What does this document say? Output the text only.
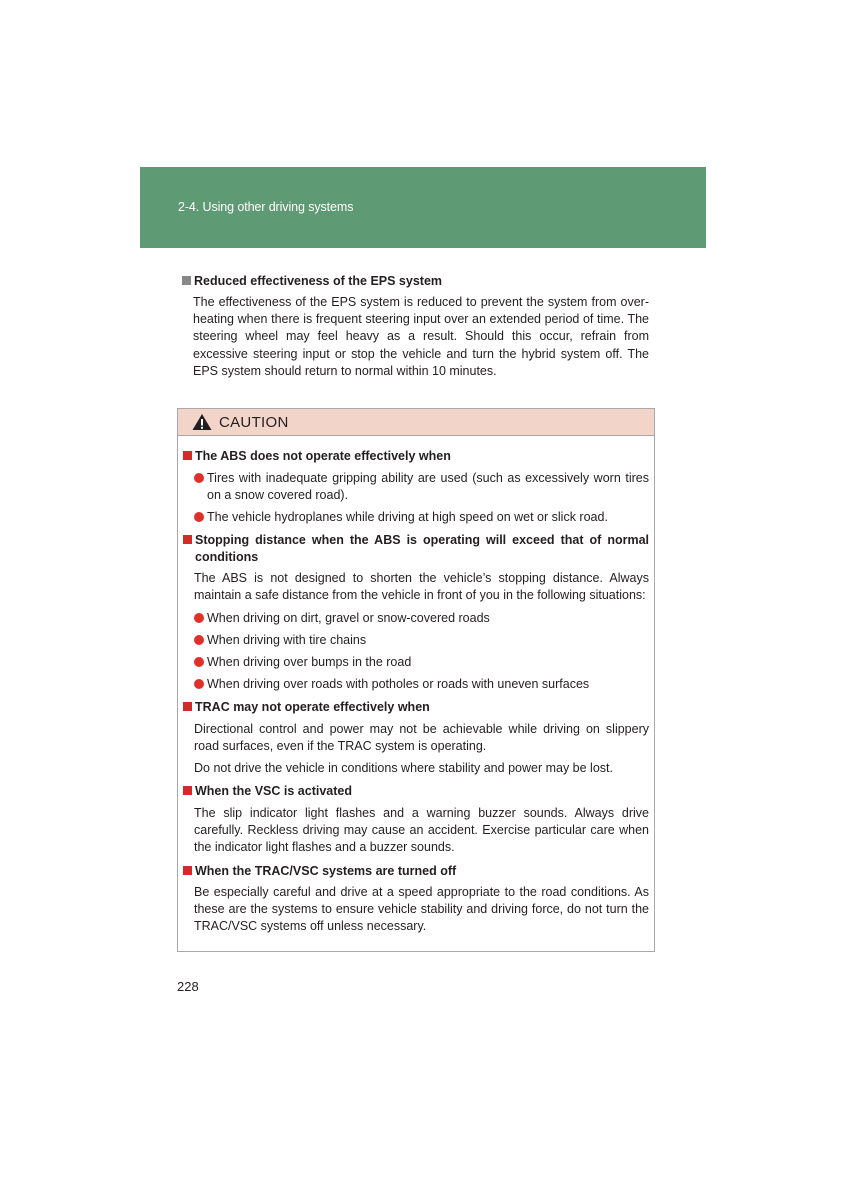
2-4. Using other driving systems
Reduced effectiveness of the EPS system
The effectiveness of the EPS system is reduced to prevent the system from over-heating when there is frequent steering input over an extended period of time. The steering wheel may feel heavy as a result. Should this occur, refrain from excessive steering input or stop the vehicle and turn the hybrid system off. The EPS system should return to normal within 10 minutes.
CAUTION
The ABS does not operate effectively when
Tires with inadequate gripping ability are used (such as excessively worn tires on a snow covered road).
The vehicle hydroplanes while driving at high speed on wet or slick road.
Stopping distance when the ABS is operating will exceed that of normal conditions
The ABS is not designed to shorten the vehicle’s stopping distance. Always maintain a safe distance from the vehicle in front of you in the following situations:
When driving on dirt, gravel or snow-covered roads
When driving with tire chains
When driving over bumps in the road
When driving over roads with potholes or roads with uneven surfaces
TRAC may not operate effectively when
Directional control and power may not be achievable while driving on slippery road surfaces, even if the TRAC system is operating.
Do not drive the vehicle in conditions where stability and power may be lost.
When the VSC is activated
The slip indicator light flashes and a warning buzzer sounds. Always drive carefully. Reckless driving may cause an accident. Exercise particular care when the indicator light flashes and a buzzer sounds.
When the TRAC/VSC systems are turned off
Be especially careful and drive at a speed appropriate to the road conditions. As these are the systems to ensure vehicle stability and driving force, do not turn the TRAC/VSC systems off unless necessary.
228
